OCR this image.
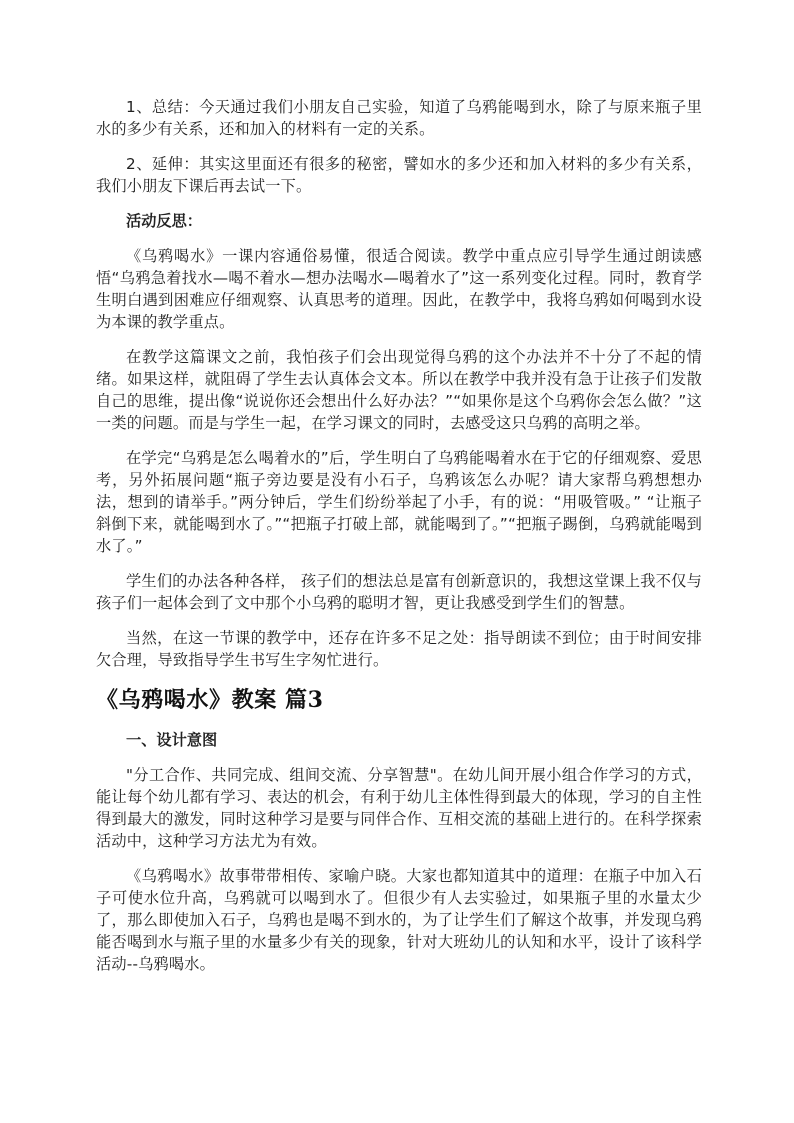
1、总结：今天通过我们小朋友自己实验，知道了乌鸦能喝到水，除了与原来瓶子里水的多少有关系，还和加入的材料有一定的关系。

2、延伸：其实这里面还有很多的秘密，譬如水的多少还和加入材料的多少有关系，我们小朋友下课后再去试一下。

活动反思：

《乌鸦喝水》一课内容通俗易懂，很适合阅读。教学中重点应引导学生通过朗读感悟“乌鸦急着找水—喝不着水—想办法喝水—喝着水了”这一系列变化过程。同时，教育学生明白遇到困难应仔细观察、认真思考的道理。因此，在教学中，我将乌鸦如何喝到水设为本课的教学重点。

在教学这篇课文之前，我怕孩子们会出现觉得乌鸦的这个办法并不十分了不起的情绪。如果这样，就阻碍了学生去认真体会文本。所以在教学中我并没有急于让孩子们发散自己的思维，提出像“说说你还会想出什么好办法？”“如果你是这个乌鸦你会怎么做？”这一类的问题。而是与学生一起，在学习课文的同时，去感受这只乌鸦的高明之举。

在学完“乌鸦是怎么喝着水的”后，学生明白了乌鸦能喝着水在于它的仔细观察、爱思考，另外拓展问题“瓶子旁边要是没有小石子，乌鸦该怎么办呢？请大家帮乌鸦想想办法，想到的请举手。”两分钟后，学生们纷纷举起了小手，有的说：“用吸管吸。” “让瓶子斜倒下来，就能喝到水了。”“把瓶子打破上部，就能喝到了。”“把瓶子踢倒，乌鸦就能喝到水了。”

学生们的办法各种各样， 孩子们的想法总是富有创新意识的，我想这堂课上我不仅与孩子们一起体会到了文中那个小乌鸦的聪明才智，更让我感受到学生们的智慧。

当然，在这一节课的教学中，还存在许多不足之处：指导朗读不到位；由于时间安排欠合理，导致指导学生书写生字匆忙进行。

《乌鸦喝水》教案 篇3

一、设计意图

"分工合作、共同完成、组间交流、分享智慧"。在幼儿间开展小组合作学习的方式，能让每个幼儿都有学习、表达的机会，有利于幼儿主体性得到最大的体现，学习的自主性得到最大的激发，同时这种学习是要与同伴合作、互相交流的基础上进行的。在科学探索活动中，这种学习方法尤为有效。

《乌鸦喝水》故事带带相传、家喻户晓。大家也都知道其中的道理：在瓶子中加入石子可使水位升高，乌鸦就可以喝到水了。但很少有人去实验过，如果瓶子里的水量太少了，那么即使加入石子，乌鸦也是喝不到水的，为了让学生们了解这个故事，并发现乌鸦能否喝到水与瓶子里的水量多少有关的现象，针对大班幼儿的认知和水平，设计了该科学活动--乌鸦喝水。
